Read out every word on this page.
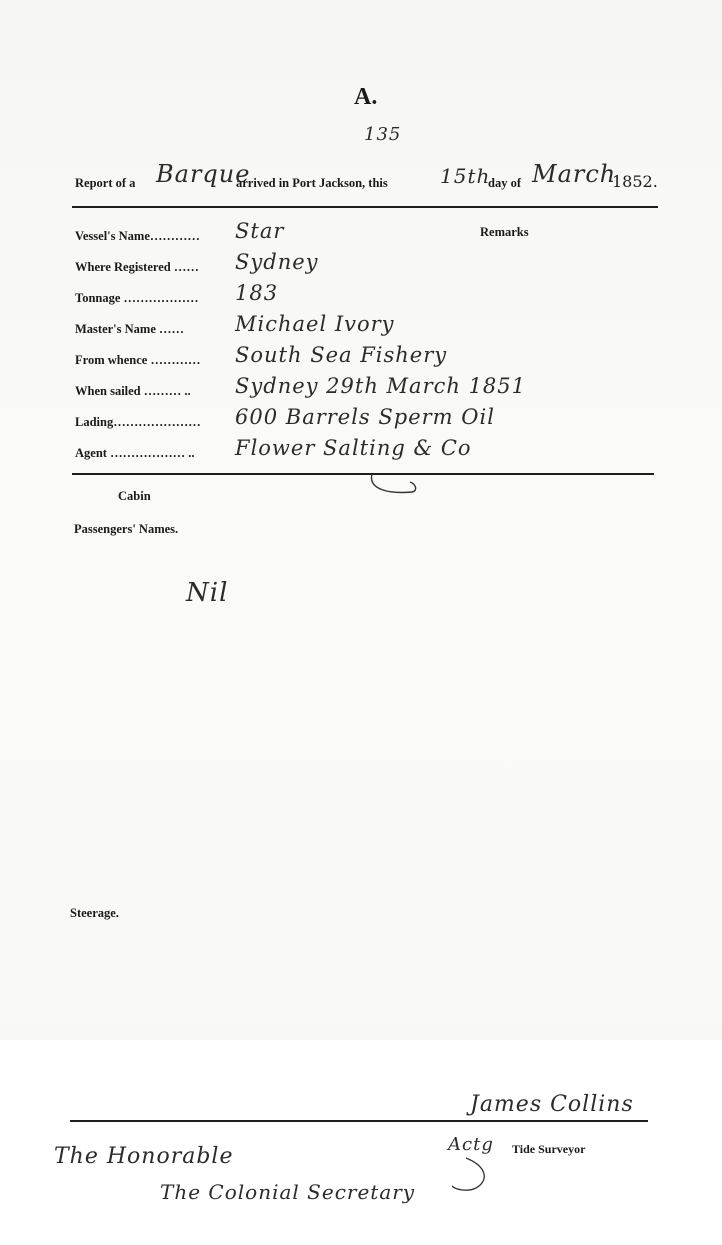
A.
135
Report of a Barque
arrived in Port Jackson, this	15th
day of March
1852.
Remarks
Vessel's Name………… Star
Where Registered …… Sydney
Tonnage ……………… 183
Master's Name …… Michael Ivory
From whence ………… South Sea Fishery
When sailed ……… .. Sydney 29th March 1851
Lading………………… 600 Barrels Sperm Oil
Agent ……………… .. Flower Salting & Co
Cabin
Passengers' Names.
Nil
Steerage.
James Collins
Actg Tide Surveyor
The Honorable
The Colonial Secretary
